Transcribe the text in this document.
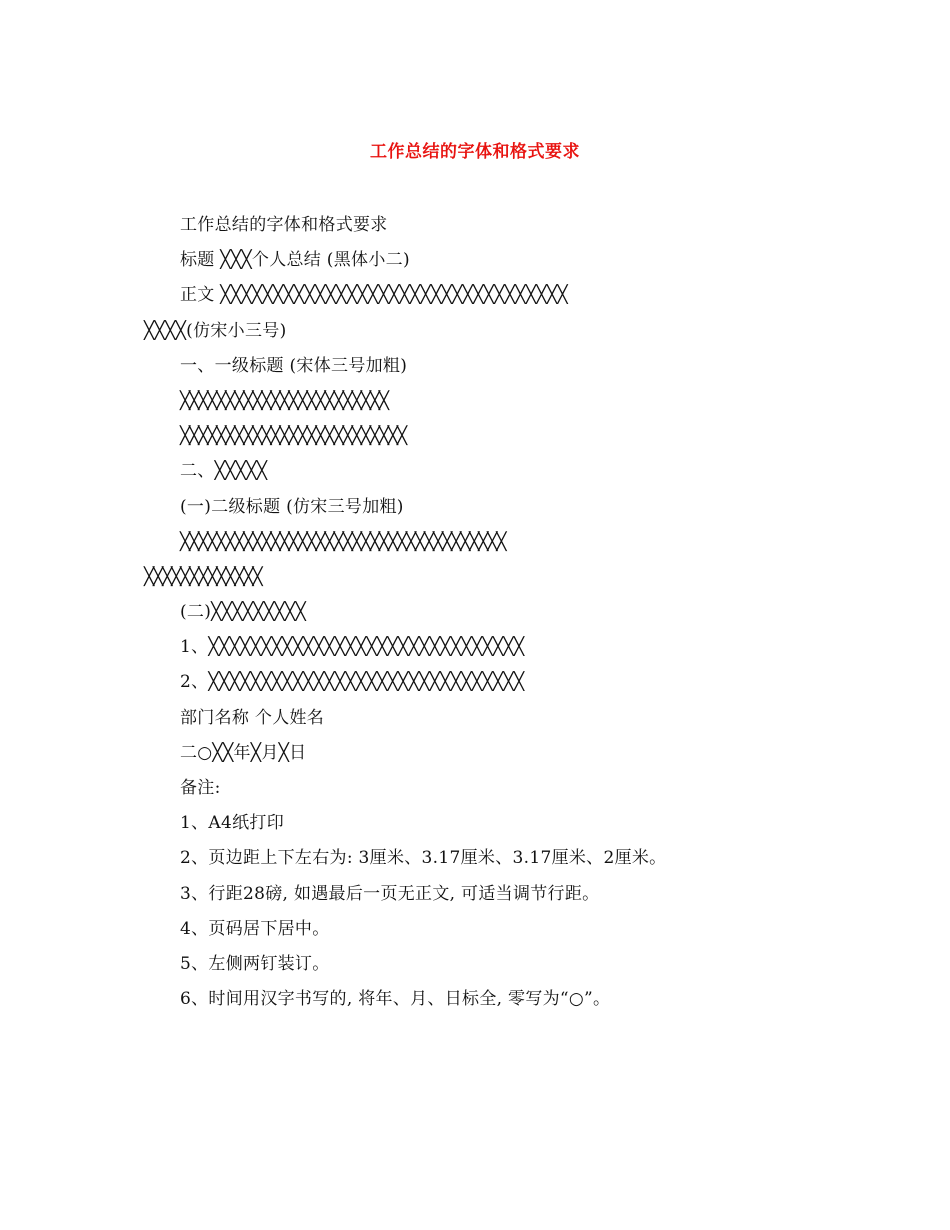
工作总结的字体和格式要求
工作总结的字体和格式要求
标题 ╳╳╳个人总结 (黑体小二)
正文 ╳╳╳╳╳╳╳╳╳╳╳╳╳╳╳╳╳╳╳╳╳╳╳╳╳╳╳╳╳╳╳╳╳
╳╳╳╳(仿宋小三号)
一、一级标题 (宋体三号加粗)
╳╳╳╳╳╳╳╳╳╳╳╳╳╳╳╳╳╳╳╳╳╳╳
╳╳╳╳╳╳╳╳╳╳╳╳╳╳╳╳╳╳╳╳╳╳╳╳╳
二、╳╳╳╳╳
(一)二级标题 (仿宋三号加粗)
╳╳╳╳╳╳╳╳╳╳╳╳╳╳╳╳╳╳╳╳╳╳╳╳╳╳╳╳╳╳╳╳╳╳╳╳
╳╳╳╳╳╳╳╳╳╳╳╳╳
(二)╳╳╳╳╳╳╳╳╳
1、╳╳╳╳╳╳╳╳╳╳╳╳╳╳╳╳╳╳╳╳╳╳╳╳╳╳╳╳╳╳
2、╳╳╳╳╳╳╳╳╳╳╳╳╳╳╳╳╳╳╳╳╳╳╳╳╳╳╳╳╳╳
部门名称 个人姓名
二○╳╳年╳月╳日
备注:
1、A4纸打印
2、页边距上下左右为: 3厘米、3.17厘米、3.17厘米、2厘米。
3、行距28磅, 如遇最后一页无正文, 可适当调节行距。
4、页码居下居中。
5、左侧两钉装订。
6、时间用汉字书写的, 将年、月、日标全, 零写为“○”。
